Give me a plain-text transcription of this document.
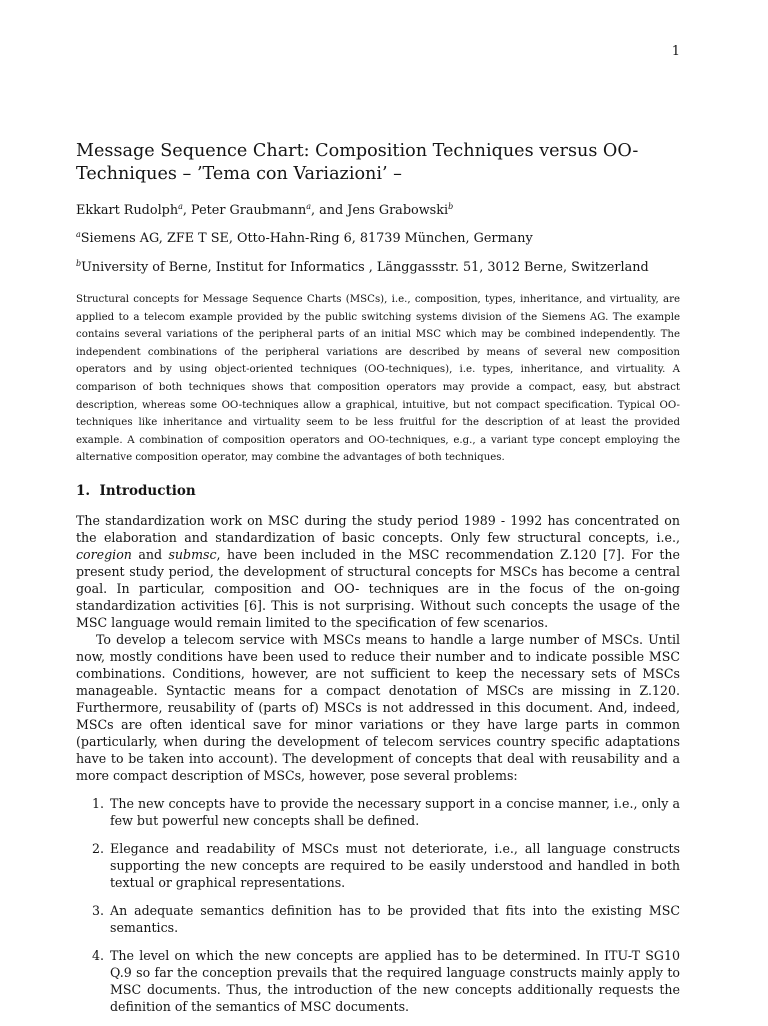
1
Message Sequence Chart: Composition Techniques versus OO-Techniques – ’Tema con Variazioni’ –
Ekkart Rudolph$^a$, Peter Graubmann$^a$, and Jens Grabowski$^b$
$^a$Siemens AG, ZFE T SE, Otto-Hahn-Ring 6, 81739 München, Germany
$^b$University of Berne, Institut for Informatics , Länggassstr. 51, 3012 Berne, Switzerland

Structural concepts for Message Sequence Charts (MSCs), i.e., composition, types, inheritance, and virtuality, are applied to a telecom example provided by the public switching systems division of the Siemens AG. The example contains several variations of the peripheral parts of an initial MSC which may be combined independently. The independent combinations of the peripheral variations are described by means of several new composition operators and by using object-oriented techniques (OO-techniques), i.e. types, inheritance, and virtuality. A comparison of both techniques shows that composition operators may provide a compact, easy, but abstract description, whereas some OO-techniques allow a graphical, intuitive, but not compact specification. Typical OO-techniques like inheritance and virtuality seem to be less fruitful for the description of at least the provided example. A combination of composition operators and OO-techniques, e.g., a variant type concept employing the alternative composition operator, may combine the advantages of both techniques.

1. Introduction

The standardization work on MSC during the study period 1989 - 1992 has concentrated on the elaboration and standardization of basic concepts. Only few structural concepts, i.e., coregion and submsc, have been included in the MSC recommendation Z.120 [7]. For the present study period, the development of structural concepts for MSCs has become a central goal. In particular, composition and OO- techniques are in the focus of the on-going standardization activities [6]. This is not surprising. Without such concepts the usage of the MSC language would remain limited to the specification of few scenarios.

To develop a telecom service with MSCs means to handle a large number of MSCs. Until now, mostly conditions have been used to reduce their number and to indicate possible MSC combinations. Conditions, however, are not sufficient to keep the necessary sets of MSCs manageable. Syntactic means for a compact denotation of MSCs are missing in Z.120. Furthermore, reusability of (parts of) MSCs is not addressed in this document. And, indeed, MSCs are often identical save for minor variations or they have large parts in common (particularly, when during the development of telecom services country specific adaptations have to be taken into account). The development of concepts that deal with reusability and a more compact description of MSCs, however, pose several problems:

1. The new concepts have to provide the necessary support in a concise manner, i.e., only a few but powerful new concepts shall be defined.
2. Elegance and readability of MSCs must not deteriorate, i.e., all language constructs supporting the new concepts are required to be easily understood and handled in both textual or graphical representations.
3. An adequate semantics definition has to be provided that fits into the existing MSC semantics.
4. The level on which the new concepts are applied has to be determined. In ITU-T SG10 Q.9 so far the conception prevails that the required language constructs mainly apply to MSC documents. Thus, the introduction of the new concepts additionally requests the definition of the semantics of MSC documents.
